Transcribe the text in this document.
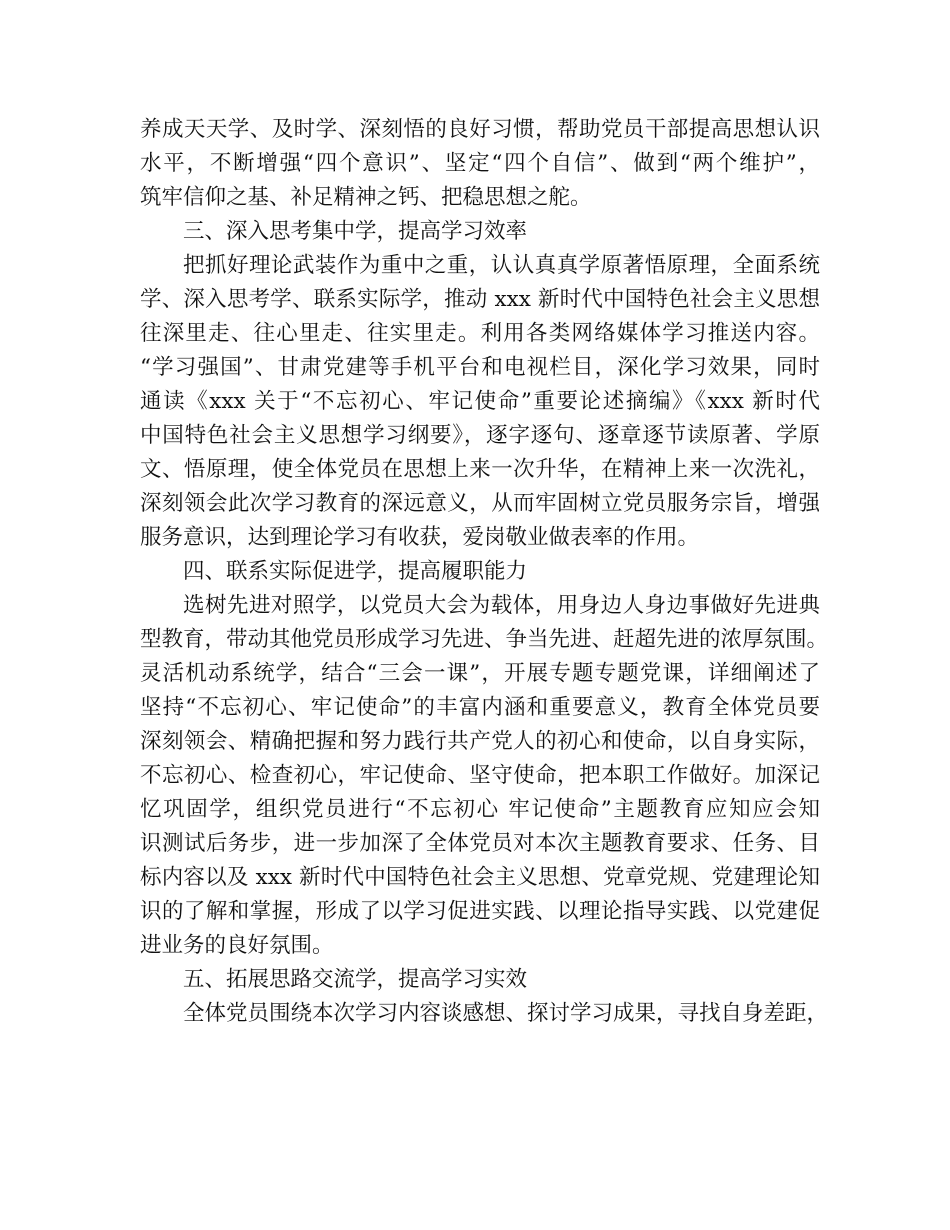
养成天天学、及时学、深刻悟的良好习惯，帮助党员干部提高思想认识
水平，不断增强“四个意识”、坚定“四个自信”、做到“两个维护”，
筑牢信仰之基、补足精神之钙、把稳思想之舵。
三、深入思考集中学，提高学习效率
把抓好理论武装作为重中之重，认认真真学原著悟原理，全面系统
学、深入思考学、联系实际学，推动 xxx 新时代中国特色社会主义思想
往深里走、往心里走、往实里走。利用各类网络媒体学习推送内容。
“学习强国”、甘肃党建等手机平台和电视栏目，深化学习效果，同时
通读《xxx 关于“不忘初心、牢记使命”重要论述摘编》《xxx 新时代
中国特色社会主义思想学习纲要》，逐字逐句、逐章逐节读原著、学原
文、悟原理，使全体党员在思想上来一次升华，在精神上来一次洗礼，
深刻领会此次学习教育的深远意义，从而牢固树立党员服务宗旨，增强
服务意识，达到理论学习有收获，爱岗敬业做表率的作用。
四、联系实际促进学，提高履职能力
选树先进对照学，以党员大会为载体，用身边人身边事做好先进典
型教育，带动其他党员形成学习先进、争当先进、赶超先进的浓厚氛围。
灵活机动系统学，结合“三会一课”，开展专题专题党课，详细阐述了
坚持“不忘初心、牢记使命”的丰富内涵和重要意义，教育全体党员要
深刻领会、精确把握和努力践行共产党人的初心和使命，以自身实际，
不忘初心、检查初心，牢记使命、坚守使命，把本职工作做好。加深记
忆巩固学，组织党员进行“不忘初心 牢记使命”主题教育应知应会知
识测试后务步，进一步加深了全体党员对本次主题教育要求、任务、目
标内容以及 xxx 新时代中国特色社会主义思想、党章党规、党建理论知
识的了解和掌握，形成了以学习促进实践、以理论指导实践、以党建促
进业务的良好氛围。
五、拓展思路交流学，提高学习实效
全体党员围绕本次学习内容谈感想、探讨学习成果，寻找自身差距，
